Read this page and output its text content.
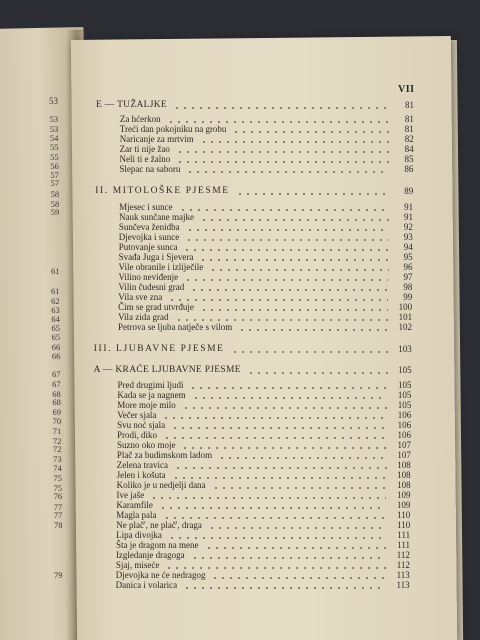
53
53
53
54
55
55
56
57
57
58
58
59
61
61
62
63
64
65
65
66
66
67
67
68
68
69
70
71
72
72
73
74
75
75
76
77
77
78
79
VII
E — TUŽALJKE	81
Za hćerkon	81
Treći dan pokojniku na grobu	81
Naricanje za mrtvim	82
Zar ti nije žao	84
Neli ti e žalno	85
Slepac na saboru	86
II. MITOLOŠKE PJESME	89
Mjesec i sunce	91
Nauk sunčane majke	91
Sunčeva ženidba	92
Djevojka i sunce	93
Putovanje sunca	94
Svađa Juga i Sjevera	95
Vile obranile i izliječile	96
Vilino neviđenje	97
Vilin čudesni grad	98
Vila sve zna	99
Čim se grad utvrđuje	100
Vila zida grad	101
Petrova se ljuba natječe s vilom	102
III. LJUBAVNE PJESME	103
A — KRAĆE LJUBAVNE PJESME	105
Pred drugimi ljudi	105
Kada se ja nagnem	105
More moje milo	105
Večer sjala	106
Svu noć sjala	106
Prodi, diko	106
Suzno oko moje	107
Plač za budimskom ladom	107
Zelena travica	108
Jelen i košuta	108
Koliko je u nedjelji dana	108
Ive jaše	109
Karamfile	109
Magla pala	110
Ne plač', ne plač', draga	110
Lipa divojka	111
Šta je dragom na mene	111
Izgledanje dragoga	112
Sjaj, miseće	112
Djevojka ne će nedragog	113
Danica i volarica	113
